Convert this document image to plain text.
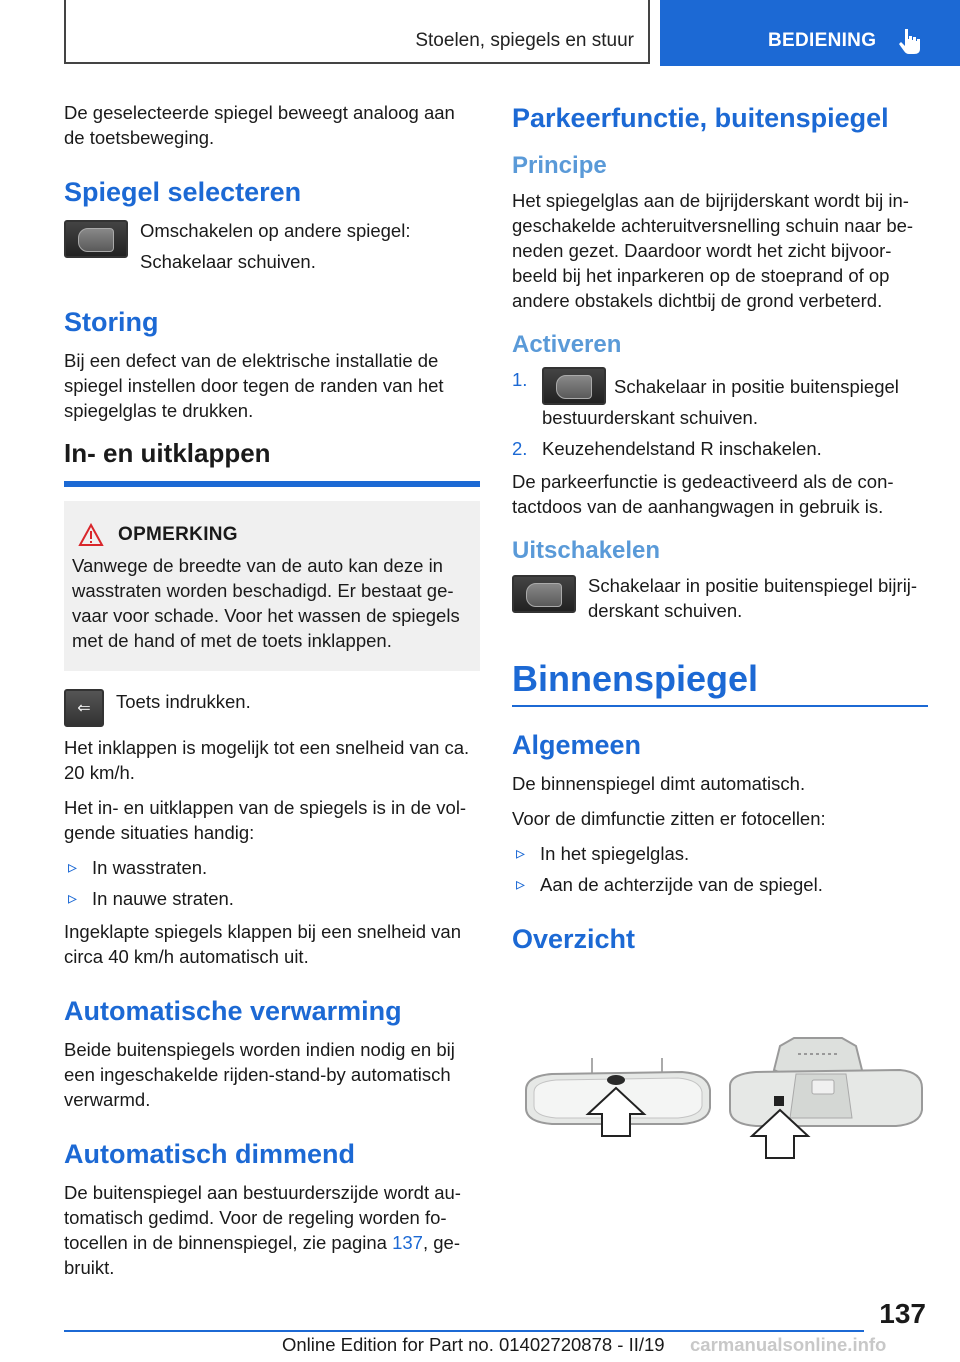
Stoelen, spiegels en stuur	BEDIENING

De geselecteerde spiegel beweegt analoog aan de toetsbeweging.

Spiegel selecteren

Omschakelen op andere spiegel:

Schakelaar schuiven.

Storing

Bij een defect van de elektrische installatie de spiegel instellen door tegen de randen van het spiegelglas te drukken.

In- en uitklappen
OPMERKING

Vanwege de breedte van de auto kan deze in wasstraten worden beschadigd. Er bestaat ge-vaar voor schade. Voor het wassen de spiegels met de hand of met de toets inklappen.

⇐	Toets indrukken.

Het inklappen is mogelijk tot een snelheid van ca. 20 km/h.

Het in- en uitklappen van de spiegels is in de vol-gende situaties handig:

▹ In wasstraten.
▹ In nauwe straten.

Ingeklapte spiegels klappen bij een snelheid van circa 40 km/h automatisch uit.

Automatische verwarming

Beide buitenspiegels worden indien nodig en bij een ingeschakelde rijden-stand-by automatisch verwarmd.

Automatisch dimmend

De buitenspiegel aan bestuurderszijde wordt au-tomatisch gedimd. Voor de regeling worden fo-tocellen in de binnenspiegel, zie pagina 137, ge-bruikt.

Parkeerfunctie, buitenspiegel
Principe

Het spiegelglas aan de bijrijderskant wordt bij in-geschakelde achteruitversnelling schuin naar be-neden gezet. Daardoor wordt het zicht bijvoor-beeld bij het inparkeren op de stoeprand of op andere obstakels dichtbij de grond verbeterd.

Activeren
1.	Schakelaar in positie buitenspiegel bestuurderskant schuiven.
2. Keuzehendelstand R inschakelen.

De parkeerfunctie is gedeactiveerd als de con-tactdoos van de aanhangwagen in gebruik is.

Uitschakelen

Schakelaar in positie buitenspiegel bijrij-derskant schuiven.

Binnenspiegel
Algemeen

De binnenspiegel dimt automatisch.

Voor de dimfunctie zitten er fotocellen:

▹ In het spiegelglas.
▹ Aan de achterzijde van de spiegel.
Overzicht
137
Online Edition for Part no. 01402720878 - II/19 carmanualsonline.info
